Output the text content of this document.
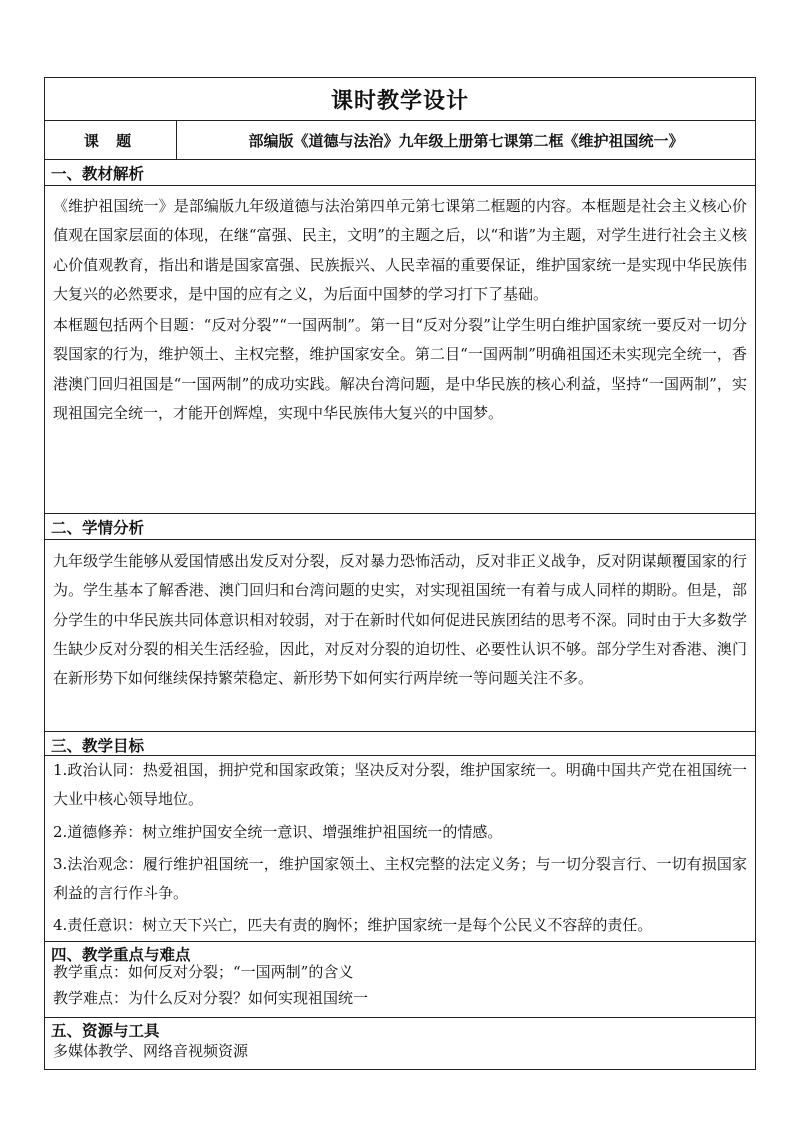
课时教学设计
课 题	部编版《道德与法治》九年级上册第七课第二框《维护祖国统一》
一、教材解析

《维护祖国统一》是部编版九年级道德与法治第四单元第七课第二框题的内容。本框题是社会主义核心价值观在国家层面的体现，在继“富强、民主，文明”的主题之后，以“和谐”为主题，对学生进行社会主义核心价值观教育，指出和谐是国家富强、民族振兴、人民幸福的重要保证，维护国家统一是实现中华民族伟大复兴的必然要求，是中国的应有之义，为后面中国梦的学习打下了基础。

本框题包括两个目题：“反对分裂”“一国两制”。第一目“反对分裂”让学生明白维护国家统一要反对一切分裂国家的行为，维护领土、主权完整，维护国家安全。第二目“一国两制”明确祖国还未实现完全统一，香港澳门回归祖国是“一国两制”的成功实践。解决台湾问题，是中华民族的核心利益，坚持“一国两制”，实现祖国完全统一，才能开创辉煌，实现中华民族伟大复兴的中国梦。

二、学情分析

九年级学生能够从爱国情感出发反对分裂，反对暴力恐怖活动，反对非正义战争，反对阴谋颠覆国家的行为。学生基本了解香港、澳门回归和台湾问题的史实，对实现祖国统一有着与成人同样的期盼。但是，部分学生的中华民族共同体意识相对较弱，对于在新时代如何促进民族团结的思考不深。同时由于大多数学生缺少反对分裂的相关生活经验，因此，对反对分裂的迫切性、必要性认识不够。部分学生对香港、澳门在新形势下如何继续保持繁荣稳定、新形势下如何实行两岸统一等问题关注不多。

三、教学目标

1.政治认同：热爱祖国，拥护党和国家政策；坚决反对分裂，维护国家统一。明确中国共产党在祖国统一大业中核心领导地位。

2.道德修养：树立维护国安全统一意识、增强维护祖国统一的情感。

3.法治观念：履行维护祖国统一，维护国家领土、主权完整的法定义务；与一切分裂言行、一切有损国家利益的言行作斗争。

4.责任意识：树立天下兴亡，匹夫有责的胸怀；维护国家统一是每个公民义不容辞的责任。

四、教学重点与难点

教学重点：如何反对分裂；“一国两制”的含义

教学难点：为什么反对分裂？如何实现祖国统一

五、资源与工具

多媒体教学、网络音视频资源
